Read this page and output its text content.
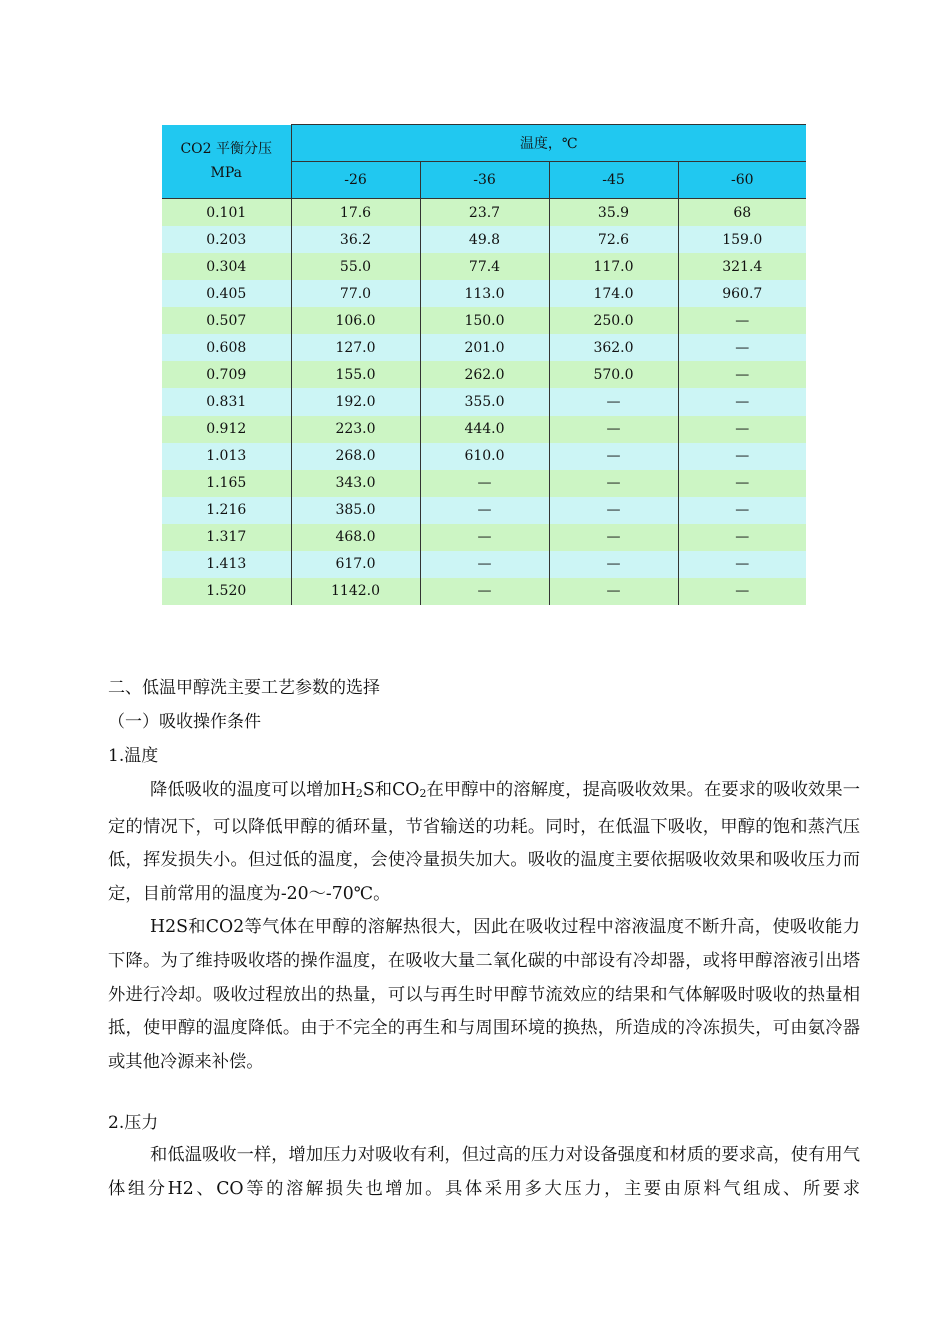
CO2 平衡分压
MPa	温度，℃			
	-26	-36	-45	-60
0.101	17.6	23.7	35.9	68
0.203	36.2	49.8	72.6	159.0
0.304	55.0	77.4	117.0	321.4
0.405	77.0	113.0	174.0	960.7
0.507	106.0	150.0	250.0	—
0.608	127.0	201.0	362.0	—
0.709	155.0	262.0	570.0	—
0.831	192.0	355.0	—	—
0.912	223.0	444.0	—	—
1.013	268.0	610.0	—	—
1.165	343.0	—	—	—
1.216	385.0	—	—	—
1.317	468.0	—	—	—
1.413	617.0	—	—	—
1.520	1142.0	—	—	—
二、低温甲醇洗主要工艺参数的选择
（一）吸收操作条件
1.温度

降低吸收的温度可以增加$H_2S$和$CO_2$在甲醇中的溶解度，提高吸收效果。在要求的吸收效果一定的情况下，可以降低甲醇的循环量，节省输送的功耗。同时，在低温下吸收，甲醇的饱和蒸汽压低，挥发损失小。但过低的温度，会使冷量损失加大。吸收的温度主要依据吸收效果和吸收压力而定，目前常用的温度为-20～-70℃。

H2S和CO2等气体在甲醇的溶解热很大，因此在吸收过程中溶液温度不断升高，使吸收能力下降。为了维持吸收塔的操作温度，在吸收大量二氧化碳的中部设有冷却器，或将甲醇溶液引出塔外进行冷却。吸收过程放出的热量，可以与再生时甲醇节流效应的结果和气体解吸时吸收的热量相抵，使甲醇的温度降低。由于不完全的再生和与周围环境的换热，所造成的冷冻损失，可由氨冷器或其他冷源来补偿。

2.压力

和低温吸收一样，增加压力对吸收有利，但过高的压力对设备强度和材质的要求高，使有用气体组分H2、CO等的溶解损失也增加。具体采用多大压力，主要由原料气组成、所要求
